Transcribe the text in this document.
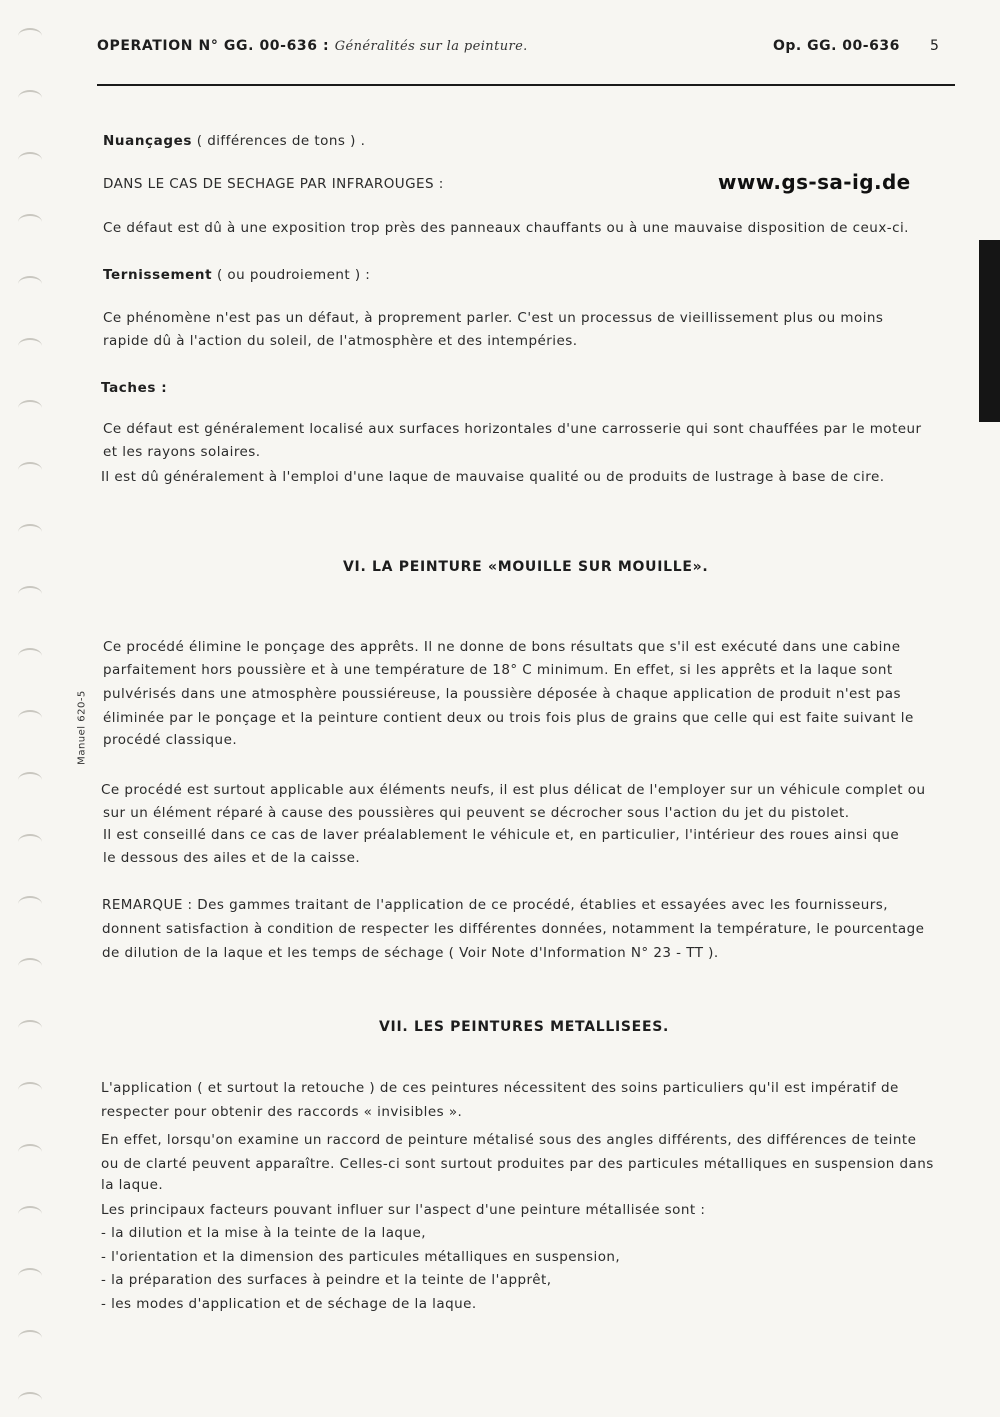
OPERATION N° GG. 00-636 : Généralités sur la peinture.	Op. GG. 00-636 5
Manuel 620-5
Nuançages ( différences de tons ) .
DANS LE CAS DE SECHAGE PAR INFRAROUGES :	www.gs-sa-ig.de
Ce défaut est dû à une exposition trop près des panneaux chauffants ou à une mauvaise disposition de ceux-ci.
Ternissement ( ou poudroiement ) :
Ce phénomène n'est pas un défaut, à proprement parler. C'est un processus de vieillissement plus ou moins
rapide dû à l'action du soleil, de l'atmosphère et des intempéries.
Taches :
Ce défaut est généralement localisé aux surfaces horizontales d'une carrosserie qui sont chauffées par le moteur
et les rayons solaires.
Il est dû généralement à l'emploi d'une laque de mauvaise qualité ou de produits de lustrage à base de cire.
VI. LA PEINTURE «MOUILLE SUR MOUILLE».
Ce procédé élimine le ponçage des apprêts. Il ne donne de bons résultats que s'il est exécuté dans une cabine
parfaitement hors poussière et à une température de 18° C minimum. En effet, si les apprêts et la laque sont
pulvérisés dans une atmosphère poussiéreuse, la poussière déposée à chaque application de produit n'est pas
éliminée par le ponçage et la peinture contient deux ou trois fois plus de grains que celle qui est faite suivant le
procédé classique.
Ce procédé est surtout applicable aux éléments neufs, il est plus délicat de l'employer sur un véhicule complet ou
sur un élément réparé à cause des poussières qui peuvent se décrocher sous l'action du jet du pistolet.
Il est conseillé dans ce cas de laver préalablement le véhicule et, en particulier, l'intérieur des roues ainsi que
le dessous des ailes et de la caisse.
REMARQUE : Des gammes traitant de l'application de ce procédé, établies et essayées avec les fournisseurs,
donnent satisfaction à condition de respecter les différentes données, notamment la température, le pourcentage
de dilution de la laque et les temps de séchage ( Voir Note d'Information N° 23 - TT ).
VII. LES PEINTURES METALLISEES.
L'application ( et surtout la retouche ) de ces peintures nécessitent des soins particuliers qu'il est impératif de
respecter pour obtenir des raccords « invisibles ».
En effet, lorsqu'on examine un raccord de peinture métalisé sous des angles différents, des différences de teinte
ou de clarté peuvent apparaître. Celles-ci sont surtout produites par des particules métalliques en suspension dans
la laque.
Les principaux facteurs pouvant influer sur l'aspect d'une peinture métallisée sont :
- la dilution et la mise à la teinte de la laque,
- l'orientation et la dimension des particules métalliques en suspension,
- la préparation des surfaces à peindre et la teinte de l'apprêt,
- les modes d'application et de séchage de la laque.
